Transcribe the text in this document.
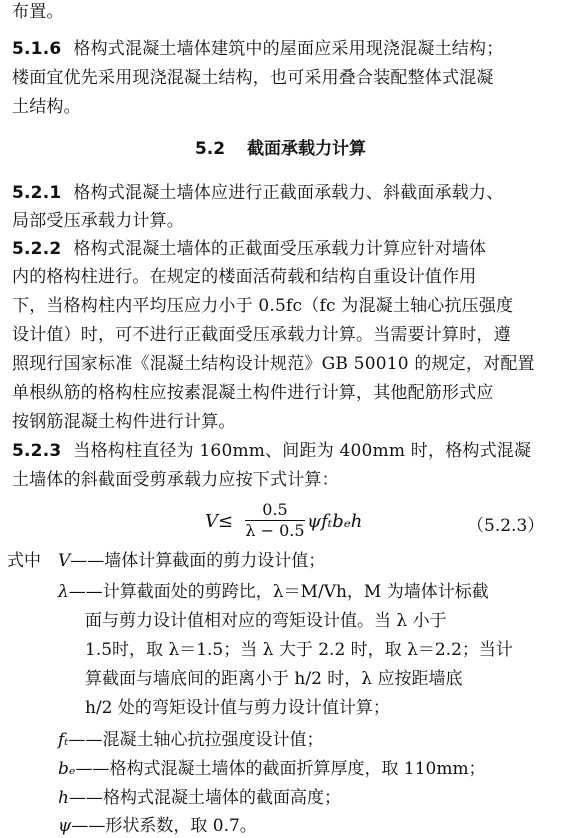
布置。
5.1.6 格构式混凝土墙体建筑中的屋面应采用现浇混凝土结构；
楼面宜优先采用现浇混凝土结构，也可采用叠合装配整体式混凝
土结构。
5.2 截面承载力计算
5.2.1 格构式混凝土墙体应进行正截面承载力、斜截面承载力、
局部受压承载力计算。
5.2.2 格构式混凝土墙体的正截面受压承载力计算应针对墙体
内的格构柱进行。在规定的楼面活荷载和结构自重设计值作用
下，当格构柱内平均压应力小于 0.5fc（fc 为混凝土轴心抗压强度
设计值）时，可不进行正截面受压承载力计算。当需要计算时，遵
照现行国家标准《混凝土结构设计规范》GB 50010 的规定，对配置
单根纵筋的格构柱应按素混凝土构件进行计算，其他配筋形式应
按钢筋混凝土构件进行计算。
5.2.3 当格构柱直径为 160mm、间距为 400mm 时，格构式混凝
土墙体的斜截面受剪承载力应按下式计算：
V≤
0.5
λ − 0.5 ψfₜbₑh	（5.2.3）
式中 V——墙体计算截面的剪力设计值；
λ——计算截面处的剪跨比，λ＝M/Vh，M 为墙体计标截
面与剪力设计值相对应的弯矩设计值。当 λ 小于
1.5时，取 λ＝1.5；当 λ 大于 2.2 时，取 λ＝2.2；当计
算截面与墙底间的距离小于 h/2 时，λ 应按距墙底
h/2 处的弯矩设计值与剪力设计值计算；
fₜ——混凝土轴心抗拉强度设计值；
bₑ——格构式混凝土墙体的截面折算厚度，取 110mm；
h——格构式混凝土墙体的截面高度；
ψ——形状系数，取 0.7。
